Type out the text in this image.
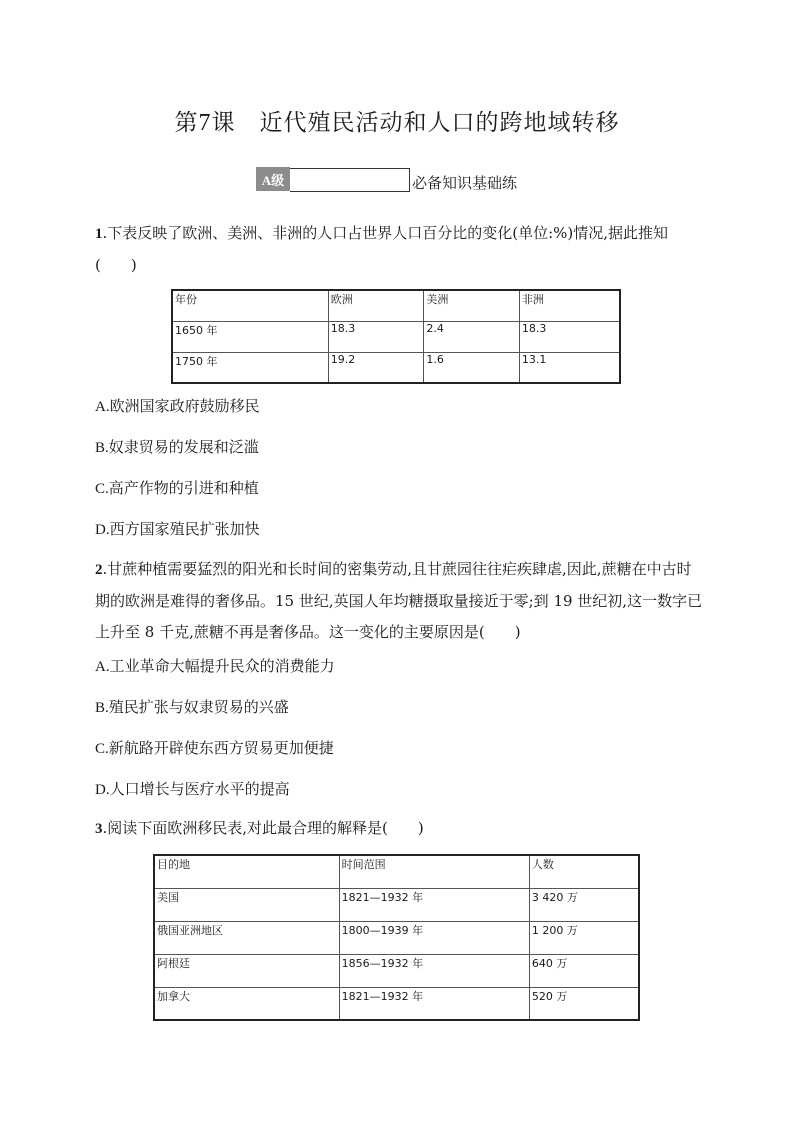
第7课　近代殖民活动和人口的跨地域转移
A级	必备知识基础练
1.下表反映了欧洲、美洲、非洲的人口占世界人口百分比的变化(单位:%)情况,据此推知(　　)
年份	欧洲	美洲	非洲
1650 年	18.3	2.4	18.3
1750 年	19.2	1.6	13.1
A.欧洲国家政府鼓励移民
B.奴隶贸易的发展和泛滥
C.高产作物的引进和种植
D.西方国家殖民扩张加快
2.甘蔗种植需要猛烈的阳光和长时间的密集劳动,且甘蔗园往往疟疾肆虐,因此,蔗糖在中古时期的欧洲是难得的奢侈品。15 世纪,英国人年均糖摄取量接近于零;到 19 世纪初,这一数字已上升至 8 千克,蔗糖不再是奢侈品。这一变化的主要原因是(　　)
A.工业革命大幅提升民众的消费能力
B.殖民扩张与奴隶贸易的兴盛
C.新航路开辟使东西方贸易更加便捷
D.人口增长与医疗水平的提高
3.阅读下面欧洲移民表,对此最合理的解释是(　　)
目的地	时间范围	人数
美国	1821—1932 年	3 420 万
俄国亚洲地区	1800—1939 年	1 200 万
阿根廷	1856—1932 年	640 万
加拿大	1821—1932 年	520 万
